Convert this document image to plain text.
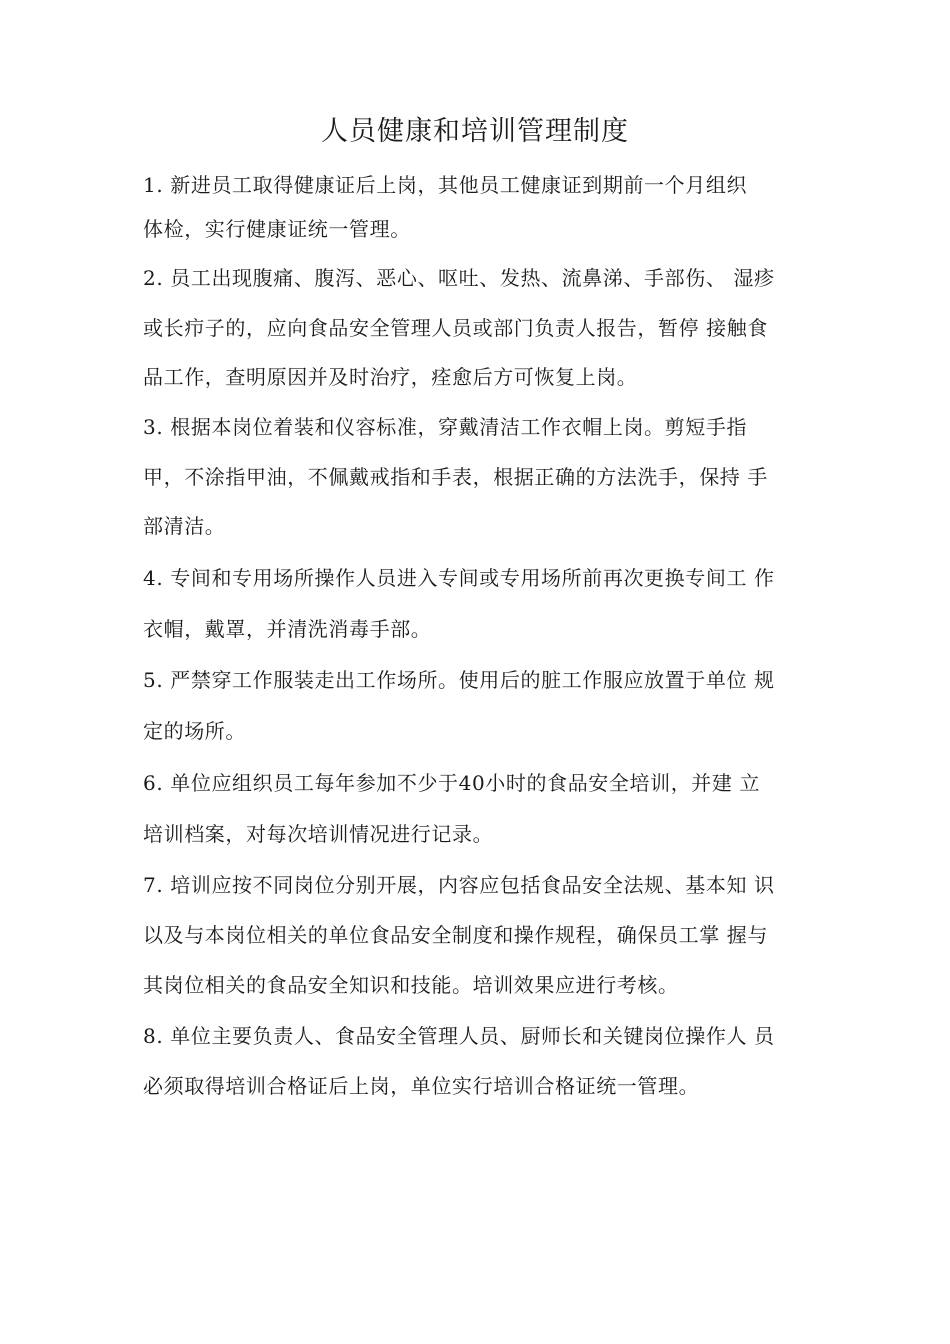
人员健康和培训管理制度

1. 新进员工取得健康证后上岗，其他员工健康证到期前一个月组织

体检，实行健康证统一管理。

2. 员工出现腹痛、腹泻、恶心、呕吐、发热、流鼻涕、手部伤、 湿疹

或长疖子的，应向食品安全管理人员或部门负责人报告，暂停 接触食

品工作，查明原因并及时治疗，痊愈后方可恢复上岗。

3. 根据本岗位着装和仪容标准，穿戴清洁工作衣帽上岗。剪短手指

甲，不涂指甲油，不佩戴戒指和手表，根据正确的方法洗手，保持 手

部清洁。

4. 专间和专用场所操作人员进入专间或专用场所前再次更换专间工 作

衣帽，戴罩，并清洗消毒手部。

5. 严禁穿工作服装走出工作场所。使用后的脏工作服应放置于单位 规

定的场所。

6. 单位应组织员工每年参加不少于40小时的食品安全培训，并建 立

培训档案，对每次培训情况进行记录。

7. 培训应按不同岗位分别开展，内容应包括食品安全法规、基本知 识

以及与本岗位相关的单位食品安全制度和操作规程，确保员工掌 握与

其岗位相关的食品安全知识和技能。培训效果应进行考核。

8. 单位主要负责人、食品安全管理人员、厨师长和关键岗位操作人 员

必须取得培训合格证后上岗，单位实行培训合格证统一管理。
